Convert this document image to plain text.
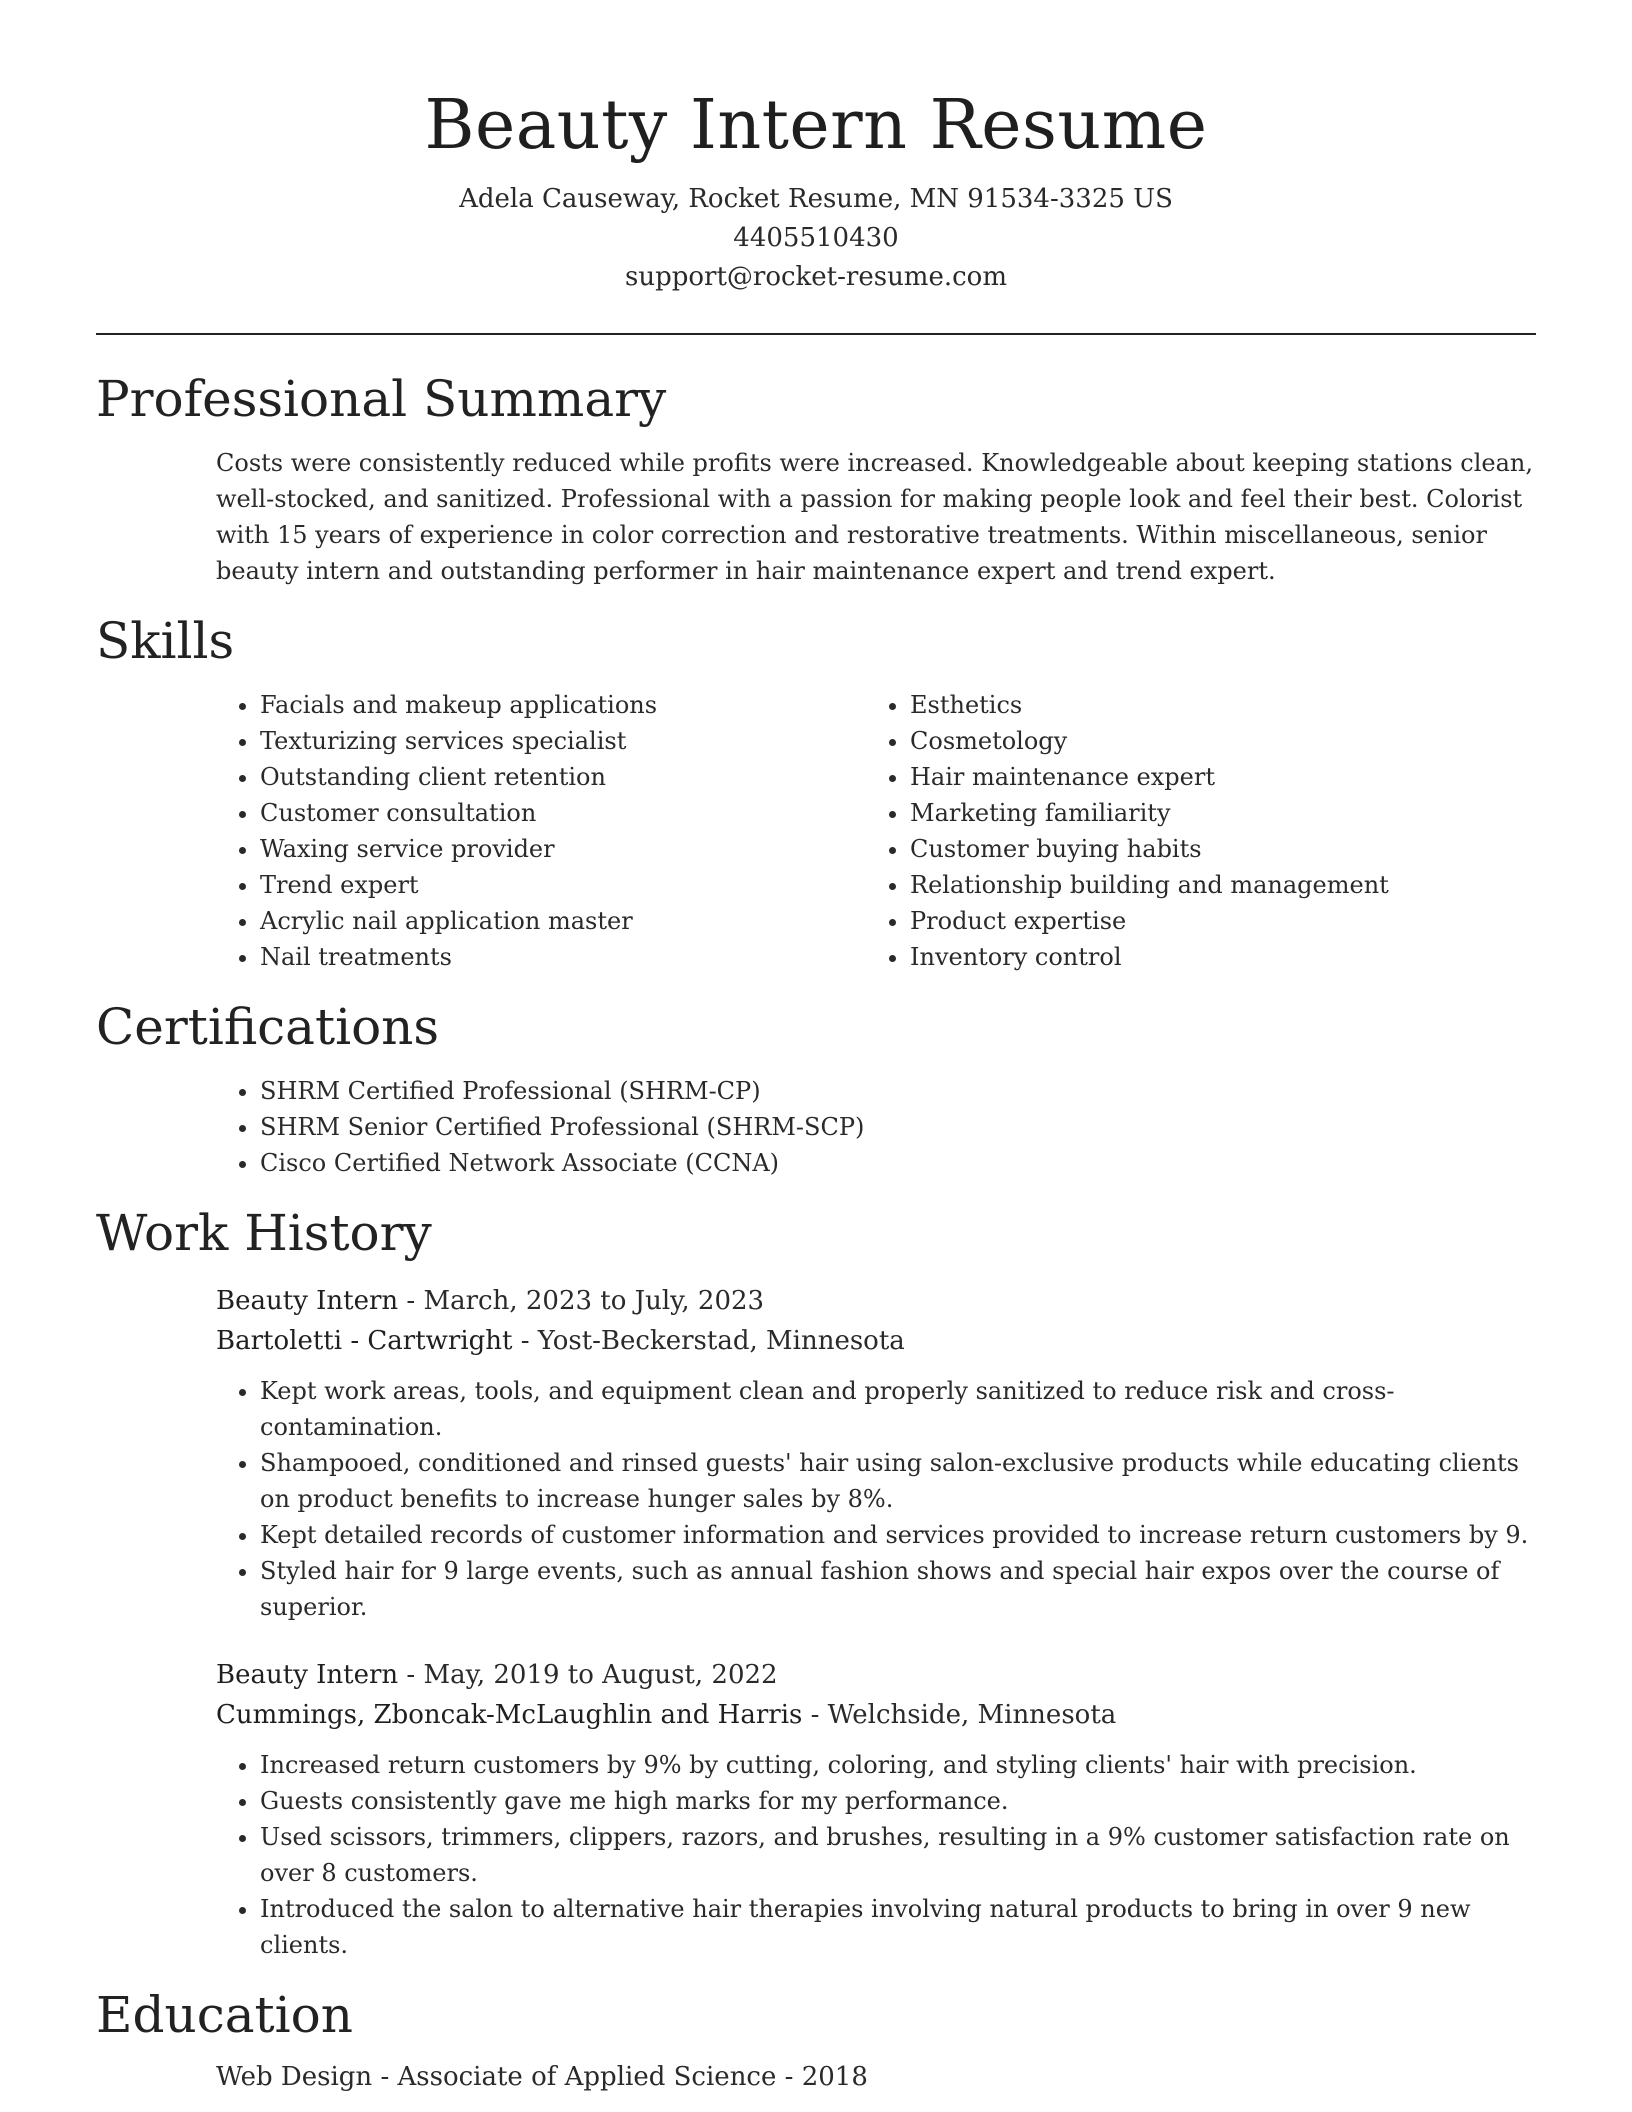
Beauty Intern Resume
Adela Causeway, Rocket Resume, MN 91534-3325 US
4405510430
support@rocket-resume.com
Professional Summary

Costs were consistently reduced while profits were increased. Knowledgeable about keeping stations clean, well-stocked, and sanitized. Professional with a passion for making people look and feel their best. Colorist with 15 years of experience in color correction and restorative treatments. Within miscellaneous, senior beauty intern and outstanding performer in hair maintenance expert and trend expert.

Skills
• Facials and makeup applications
• Texturizing services specialist
• Outstanding client retention
• Customer consultation
• Waxing service provider
• Trend expert
• Acrylic nail application master
• Nail treatments
• Esthetics
• Cosmetology
• Hair maintenance expert
• Marketing familiarity
• Customer buying habits
• Relationship building and management
• Product expertise
• Inventory control
Certifications
• SHRM Certified Professional (SHRM-CP)
• SHRM Senior Certified Professional (SHRM-SCP)
• Cisco Certified Network Associate (CCNA)
Work History
Beauty Intern - March, 2023 to July, 2023
Bartoletti - Cartwright - Yost-Beckerstad, Minnesota
• Kept work areas, tools, and equipment clean and properly sanitized to reduce risk and cross-contamination.
• Shampooed, conditioned and rinsed guests' hair using salon-exclusive products while educating clients on product benefits to increase hunger sales by 8%.
• Kept detailed records of customer information and services provided to increase return customers by 9.
• Styled hair for 9 large events, such as annual fashion shows and special hair expos over the course of superior.
Beauty Intern - May, 2019 to August, 2022
Cummings, Zboncak-McLaughlin and Harris - Welchside, Minnesota
• Increased return customers by 9% by cutting, coloring, and styling clients' hair with precision.
• Guests consistently gave me high marks for my performance.
• Used scissors, trimmers, clippers, razors, and brushes, resulting in a 9% customer satisfaction rate on over 8 customers.
• Introduced the salon to alternative hair therapies involving natural products to bring in over 9 new clients.
Education
Web Design - Associate of Applied Science - 2018
